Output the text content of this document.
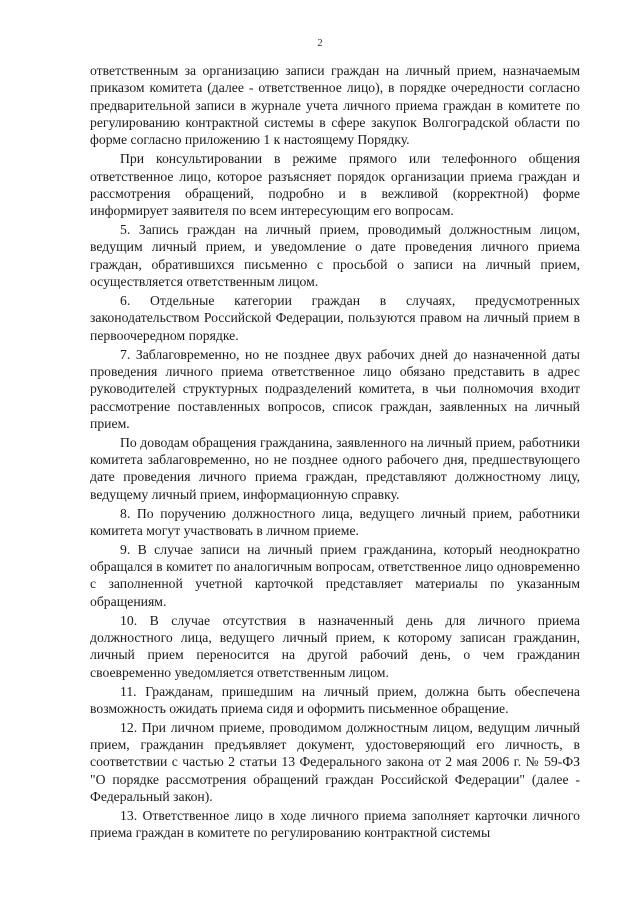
2

ответственным за организацию записи граждан на личный прием, назначаемым приказом комитета (далее - ответственное лицо), в порядке очередности согласно предварительной записи в журнале учета личного приема граждан в комитете по регулированию контрактной системы в сфере закупок Волгоградской области по форме согласно приложению 1 к настоящему Порядку.

При консультировании в режиме прямого или телефонного общения ответственное лицо, которое разъясняет порядок организации приема граждан и рассмотрения обращений, подробно и в вежливой (корректной) форме информирует заявителя по всем интересующим его вопросам.

5. Запись граждан на личный прием, проводимый должностным лицом, ведущим личный прием, и уведомление о дате проведения личного приема граждан, обратившихся письменно с просьбой о записи на личный прием, осуществляется ответственным лицом.

6. Отдельные категории граждан в случаях, предусмотренных законодательством Российской Федерации, пользуются правом на личный прием в первоочередном порядке.

7. Заблаговременно, но не позднее двух рабочих дней до назначенной даты проведения личного приема ответственное лицо обязано представить в адрес руководителей структурных подразделений комитета, в чьи полномочия входит рассмотрение поставленных вопросов, список граждан, заявленных на личный прием.

По доводам обращения гражданина, заявленного на личный прием, работники комитета заблаговременно, но не позднее одного рабочего дня, предшествующего дате проведения личного приема граждан, представляют должностному лицу, ведущему личный прием, информационную справку.

8. По поручению должностного лица, ведущего личный прием, работники комитета могут участвовать в личном приеме.

9. В случае записи на личный прием гражданина, который неоднократно обращался в комитет по аналогичным вопросам, ответственное лицо одновременно с заполненной учетной карточкой представляет материалы по указанным обращениям.

10. В случае отсутствия в назначенный день для личного приема должностного лица, ведущего личный прием, к которому записан гражданин, личный прием переносится на другой рабочий день, о чем гражданин своевременно уведомляется ответственным лицом.

11. Гражданам, пришедшим на личный прием, должна быть обеспечена возможность ожидать приема сидя и оформить письменное обращение.

12. При личном приеме, проводимом должностным лицом, ведущим личный прием, гражданин предъявляет документ, удостоверяющий его личность, в соответствии с частью 2 статьи 13 Федерального закона от 2 мая 2006 г. № 59-ФЗ "О порядке рассмотрения обращений граждан Российской Федерации" (далее - Федеральный закон).

13. Ответственное лицо в ходе личного приема заполняет карточки личного приема граждан в комитете по регулированию контрактной системы
